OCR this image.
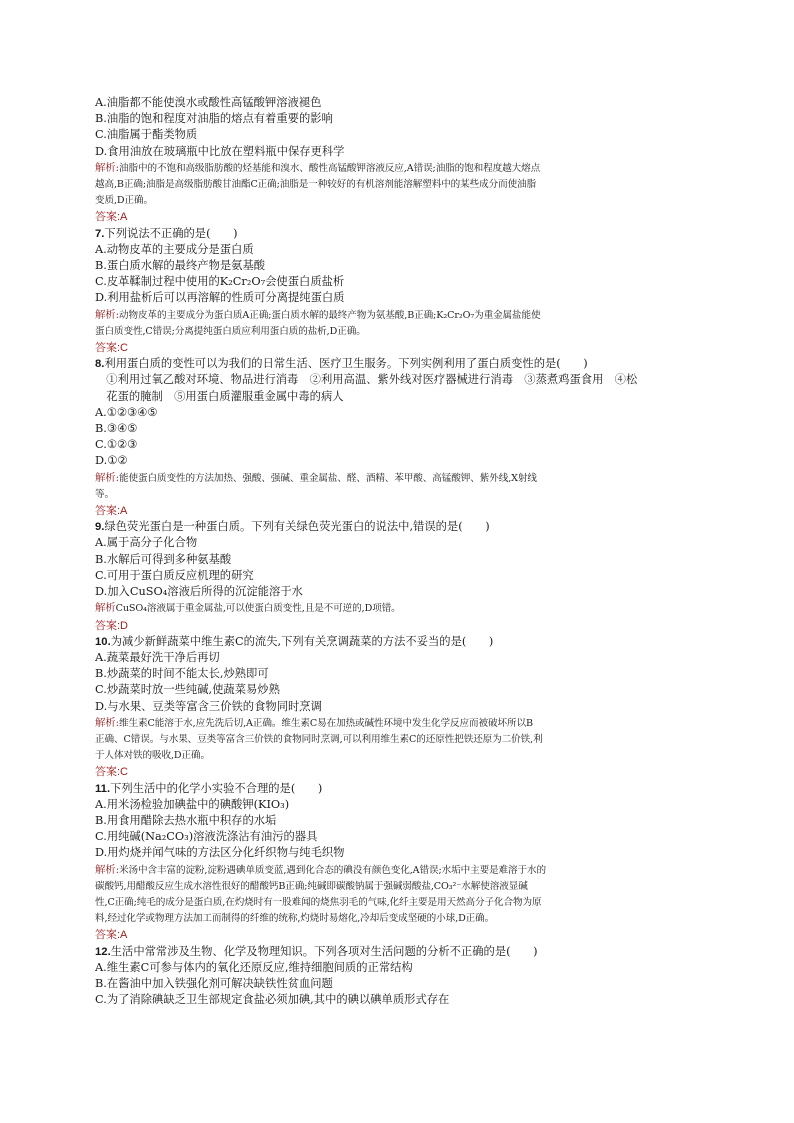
A.油脂都不能使溴水或酸性高锰酸钾溶液褪色
B.油脂的饱和程度对油脂的熔点有着重要的影响
C.油脂属于酯类物质
D.食用油放在玻璃瓶中比放在塑料瓶中保存更科学
解析:油脂中的不饱和高级脂肪酸的烃基能和溴水、酸性高锰酸钾溶液反应,A错误;油脂的饱和程度越大熔点
越高,B正确;油脂是高级脂肪酸甘油酯C正确;油脂是一种较好的有机溶剂能溶解塑料中的某些成分而使油脂
变质,D正确。
答案:A
7.下列说法不正确的是(　　)
A.动物皮革的主要成分是蛋白质
B.蛋白质水解的最终产物是氨基酸
C.皮革鞣制过程中使用的K₂Cr₂O₇会使蛋白质盐析
D.利用盐析后可以再溶解的性质可分离提纯蛋白质
解析:动物皮革的主要成分为蛋白质A正确;蛋白质水解的最终产物为氨基酸,B正确;K₂Cr₂O₇为重金属盐能使
蛋白质变性,C错误;分离提纯蛋白质应利用蛋白质的盐析,D正确。
答案:C
8.利用蛋白质的变性可以为我们的日常生活、医疗卫生服务。下列实例利用了蛋白质变性的是(　　)
　①利用过氧乙酸对环境、物品进行消毒　②利用高温、紫外线对医疗器械进行消毒　③蒸煮鸡蛋食用　④松
　花蛋的腌制　⑤用蛋白质灌服重金属中毒的病人
A.①②③④⑤
B.③④⑤
C.①②③
D.①②
解析:能使蛋白质变性的方法加热、强酸、强碱、重金属盐、醛、酒精、苯甲酸、高锰酸钾、紫外线,X射线
等。
答案:A
9.绿色荧光蛋白是一种蛋白质。下列有关绿色荧光蛋白的说法中,错误的是(　　)
A.属于高分子化合物
B.水解后可得到多种氨基酸
C.可用于蛋白质反应机理的研究
D.加入CuSO₄溶液后所得的沉淀能溶于水
解析CuSO₄溶液属于重金属盐,可以使蛋白质变性,且是不可逆的,D项错。
答案:D
10.为减少新鲜蔬菜中维生素C的流失,下列有关烹调蔬菜的方法不妥当的是(　　)
A.蔬菜最好洗干净后再切
B.炒蔬菜的时间不能太长,炒熟即可
C.炒蔬菜时放一些纯碱,使蔬菜易炒熟
D.与水果、豆类等富含三价铁的食物同时烹调
解析:维生素C能溶于水,应先洗后切,A正确。维生素C易在加热或碱性环境中发生化学反应而被破坏所以B
正确、C错误。与水果、豆类等富含三价铁的食物同时烹调,可以利用维生素C的还原性把铁还原为二价铁,利
于人体对铁的吸收,D正确。
答案:C
11.下列生活中的化学小实验不合理的是(　　)
A.用米汤检验加碘盐中的碘酸钾(KIO₃)
B.用食用醋除去热水瓶中积存的水垢
C.用纯碱(Na₂CO₃)溶液洗涤沾有油污的器具
D.用灼烧并闻气味的方法区分化纤织物与纯毛织物
解析:米汤中含丰富的淀粉,淀粉遇碘单质变蓝,遇到化合态的碘没有颜色变化,A错误;水垢中主要是难溶于水的
碳酸钙,用醋酸反应生成水溶性很好的醋酸钙B正确;纯碱即碳酸钠属于强碱弱酸盐,CO₃²⁻水解使溶液显碱
性,C正确;纯毛的成分是蛋白质,在灼烧时有一股难闻的烧焦羽毛的气味,化纤主要是用天然高分子化合物为原
料,经过化学或物理方法加工而制得的纤维的统称,灼烧时易熔化,冷却后变成坚硬的小球,D正确。
答案:A
12.生活中常常涉及生物、化学及物理知识。下列各项对生活问题的分析不正确的是(　　)
A.维生素C可参与体内的氧化还原反应,维持细胞间质的正常结构
B.在酱油中加入铁强化剂可解决缺铁性贫血问题
C.为了消除碘缺乏卫生部规定食盐必须加碘,其中的碘以碘单质形式存在
